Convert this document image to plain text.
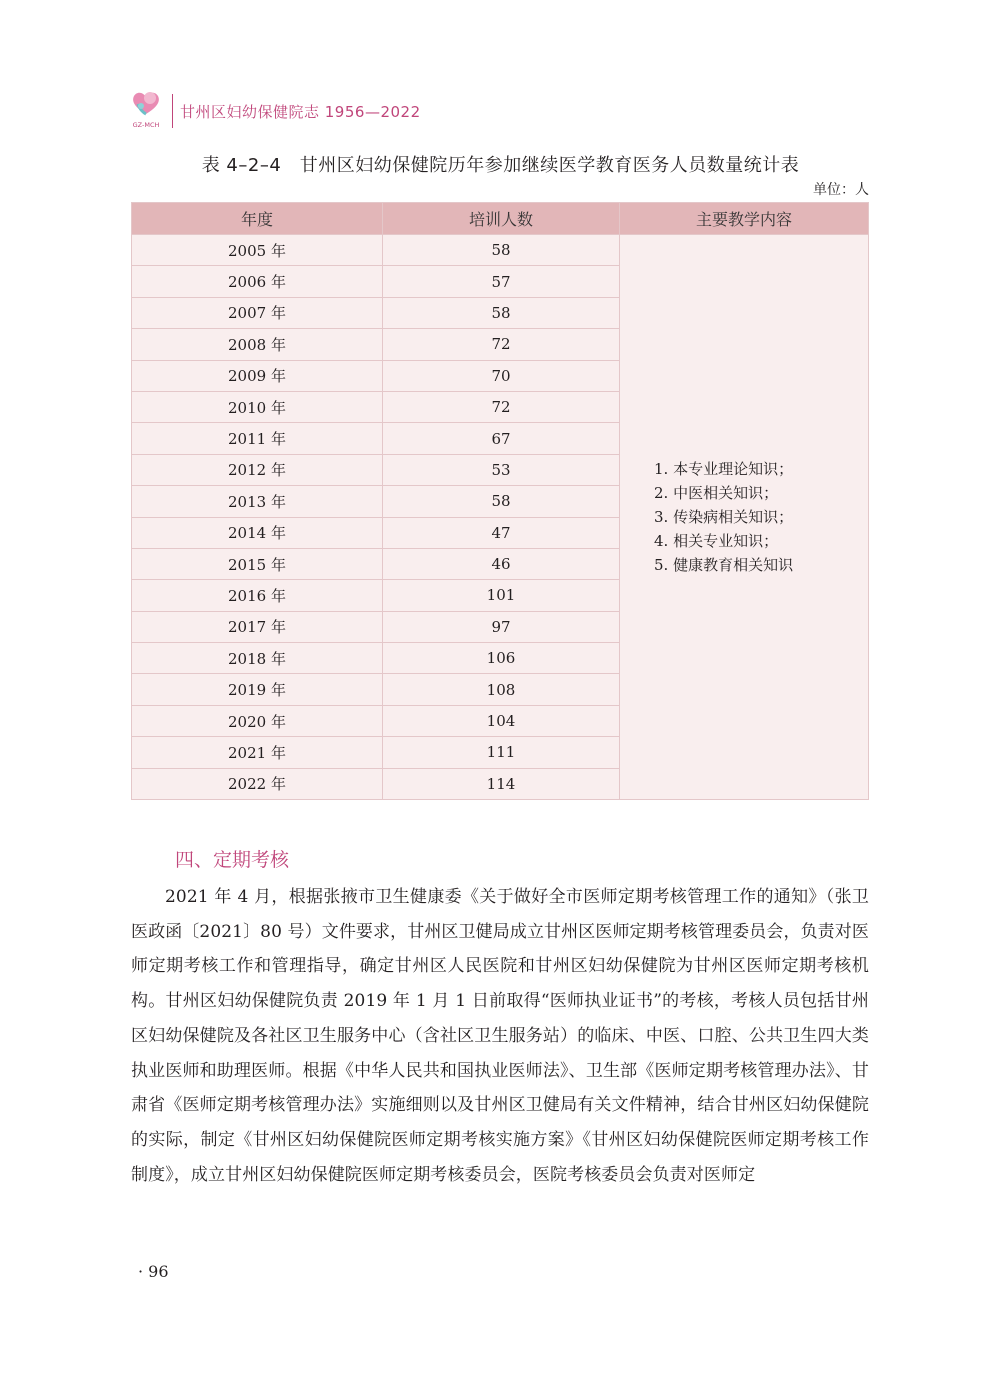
GZ-MCH
甘州区妇幼保健院志 1956—2022
表 4–2–4　甘州区妇幼保健院历年参加继续医学教育医务人员数量统计表
单位：人
年度	培训人数	主要教学内容
2005 年	58	1. 本专业理论知识；
2. 中医相关知识；
3. 传染病相关知识；
4. 相关专业知识；
5. 健康教育相关知识

2006 年	57	
2007 年	58	
2008 年	72	
2009 年	70	
2010 年	72	
2011 年	67	
2012 年	53	
2013 年	58	
2014 年	47	
2015 年	46	
2016 年	101	
2017 年	97	
2018 年	106	
2019 年	108	
2020 年	104	
2021 年	111	
2022 年	114	
四、定期考核

2021 年 4 月，根据张掖市卫生健康委《关于做好全市医师定期考核管理工作的通知》（张卫医政函〔2021〕80 号）文件要求，甘州区卫健局成立甘州区医师定期考核管理委员会，负责对医师定期考核工作和管理指导，确定甘州区人民医院和甘州区妇幼保健院为甘州区医师定期考核机构。甘州区妇幼保健院负责 2019 年 1 月 1 日前取得“医师执业证书”的考核，考核人员包括甘州区妇幼保健院及各社区卫生服务中心（含社区卫生服务站）的临床、中医、口腔、公共卫生四大类执业医师和助理医师。根据《中华人民共和国执业医师法》、卫生部《医师定期考核管理办法》、甘肃省《医师定期考核管理办法》实施细则以及甘州区卫健局有关文件精神，结合甘州区妇幼保健院的实际，制定《甘州区妇幼保健院医师定期考核实施方案》《甘州区妇幼保健院医师定期考核工作制度》，成立甘州区妇幼保健院医师定期考核委员会，医院考核委员会负责对医师定

· 96
